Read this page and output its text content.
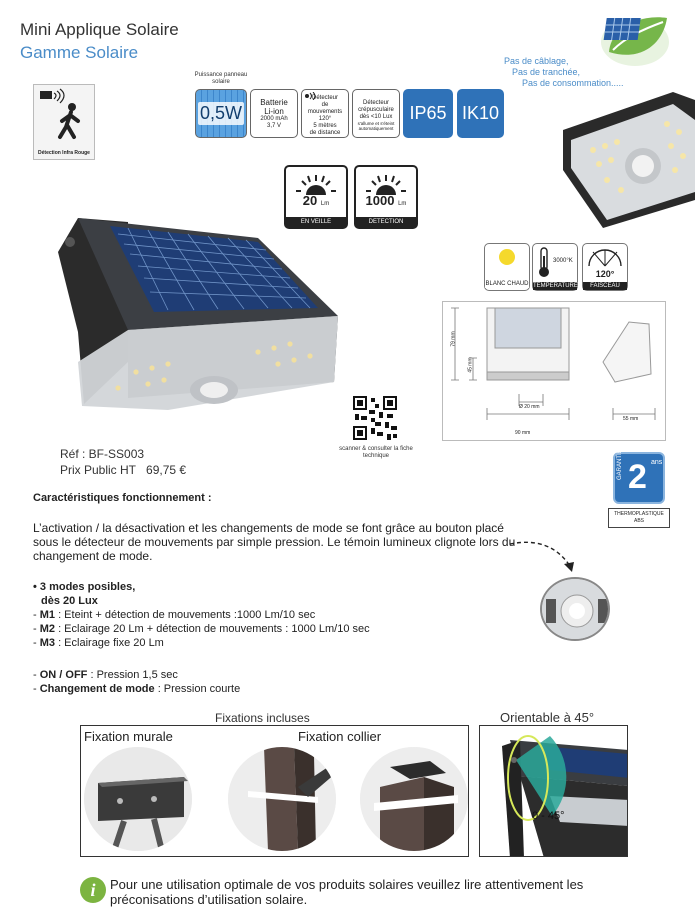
Mini Applique Solaire
Gamme Solaire	Pas de câblage,
Pas de tranchée,
Pas de consommation.....
Détection Infra Rouge
Puissance panneau solaire
0,5W
Batterie
Li-ion
2000 mAh
3,7 V
Détecteur
de
mouvements
120°
5 mètres
de distance
Détecteur
crépusculaire
dès <10 Lux
s'allume et s'éteint
automatiquement
IP65 IK10
20 Lm
EN VEILLE
1000 Lm
DETECTION
BLANC CHAUD
3000°K
TEMPERATURE
120°
FAISCEAU
79 mm
45 mm
Ø 20 mm
90 mm
55 mm
scanner & consulter la fiche technique
Réf : BF-SS003
Prix Public HT 69,75 €	GARANTIE 2 ans
THERMOPLASTIQUE ABS
Caractéristiques fonctionnement :
L’activation / la désactivation et les changements de mode se font grâce au bouton placé sous le détecteur de mouvements par simple pression. Le témoin lumineux clignote lors du changement de mode.
• 3 modes posibles,
dès 20 Lux
- M1 : Eteint + détection de mouvements :1000 Lm/10 sec
- M2 : Eclairage 20 Lm + détection de mouvements : 1000 Lm/10 sec
- M3 : Eclairage fixe 20 Lm
- ON / OFF : Pression 1,5 sec
- Changement de mode : Pression courte
Fixations incluses	Orientable à 45°
Fixation murale	Fixation collier
0 - 45°
i	Pour une utilisation optimale de vos produits solaires veuillez lire attentivement les préconisations d’utilisation solaire.
